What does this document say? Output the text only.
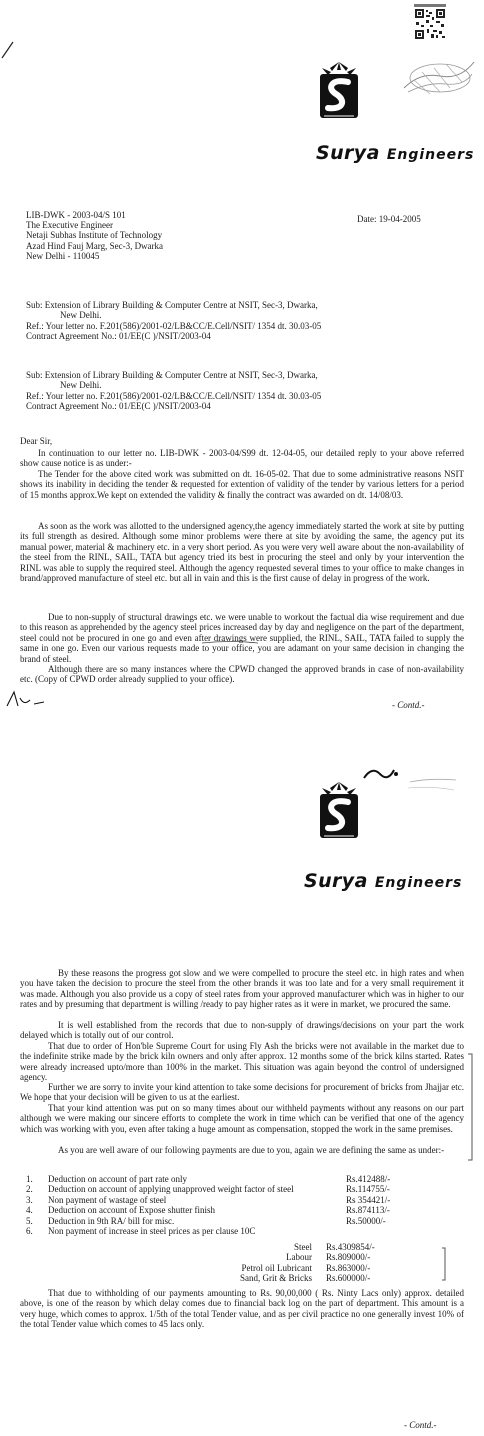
Surya Engineers
LIB-DWK - 2003-04/S 101	Date: 19-04-2005
The Executive Engineer
Netaji Subhas Institute of Technology
Azad Hind Fauj Marg, Sec-3, Dwarka
New Delhi - 110045
Sub: Extension of Library Building & Computer Centre at NSIT, Sec-3, Dwarka,
New Delhi.
Ref.: Your letter no. F.201(586)/2001-02/LB&CC/E.Cell/NSIT/ 1354 dt. 30.03-05
Contract Agreement No.: 01/EE(C )/NSIT/2003-04
Sub: Extension of Library Building & Computer Centre at NSIT, Sec-3, Dwarka,
New Delhi.
Ref.: Your letter no. F.201(586)/2001-02/LB&CC/E.Cell/NSIT/ 1354 dt. 30.03-05
Contract Agreement No.: 01/EE(C )/NSIT/2003-04
Dear Sir,
In continuation to our letter no. LIB-DWK - 2003-04/S99 dt. 12-04-05, our detailed reply to your above referred show cause notice is as under:-
The Tender for the above cited work was submitted on dt. 16-05-02. That due to some administrative reasons NSIT shows its inability in deciding the tender & requested for extention of validity of the tender by various letters for a period of 15 months approx.We kept on extended the validity & finally the contract was awarded on dt. 14/08/03.
As soon as the work was allotted to the undersigned agency,the agency immediately started the work at site by putting its full strength as desired. Although some minor problems were there at site by avoiding the same, the agency put its manual power, material & machinery etc. in a very short period. As you were very well aware about the non-availability of the steel from the RINL, SAIL, TATA but agency tried its best in procuring the steel and only by your intervention the RINL was able to supply the required steel. Although the agency requested several times to your office to make changes in brand/approved manufacture of steel etc. but all in vain and this is the first cause of delay in progress of the work.
Due to non-supply of structural drawings etc. we were unable to workout the factual dia wise requirement and due to this reason as apprehended by the agency steel prices increased day by day and negligence on the part of the department, steel could not be procured in one go and even after drawings were supplied, the RINL, SAIL, TATA failed to supply the same in one go. Even our various requests made to your office, you are adamant on your same decision in changing the brand of steel.
Although there are so many instances where the CPWD changed the approved brands in case of non-availability etc. (Copy of CPWD order already supplied to your office).
- Contd.-
Surya Engineers
By these reasons the progress got slow and we were compelled to procure the steel etc. in high rates and when you have taken the decision to procure the steel from the other brands it was too late and for a very small requirement it was made. Although you also provide us a copy of steel rates from your approved manufacturer which was in higher to our rates and by presuming that department is willing /ready to pay higher rates as it were in market, we procured the same.
It is well established from the records that due to non-supply of drawings/decisions on your part the work delayed which is totally out of our control.
That due to order of Hon'ble Supreme Court for using Fly Ash the bricks were not available in the market due to the indefinite strike made by the brick kiln owners and only after approx. 12 months some of the brick kilns started. Rates were already increased upto/more than 100% in the market. This situation was again beyond the control of undersigned agency.
Further we are sorry to invite your kind attention to take some decisions for procurement of bricks from Jhajjar etc. We hope that your decision will be given to us at the earliest.
That your kind attention was put on so many times about our withheld payments without any reasons on our part although we were making our sincere efforts to complete the work in time which can be verified that one of the agency which was working with you, even after taking a huge amount as compensation, stopped the work in the same premises.
As you are well aware of our following payments are due to you, again we are defining the same as under:-
1.	Deduction on account of part rate only	Rs.412488/-
2.	Deduction on account of applying unapproved weight factor of steel	Rs.114755/-
3.	Non payment of wastage of steel	Rs 354421/-
4.	Deduction on account of Expose shutter finish	Rs.874113/-
5.	Deduction in 9th RA/ bill for misc.	Rs.50000/-
6.	Non payment of increase in steel prices as per clause 10C
Steel	Rs.4309854/-
Labour	Rs.809000/-
Petrol oil Lubricant	Rs.863000/-
Sand, Grit & Bricks	Rs.600000/-
That due to withholding of our payments amounting to Rs. 90,00,000 ( Rs. Ninty Lacs only) approx. detailed above, is one of the reason by which delay comes due to financial back log on the part of department. This amount is a very huge, which comes to approx. 1/5th of the total Tender value, and as per civil practice no one generally invest 10% of the total Tender value which comes to 45 lacs only.
- Contd.-
